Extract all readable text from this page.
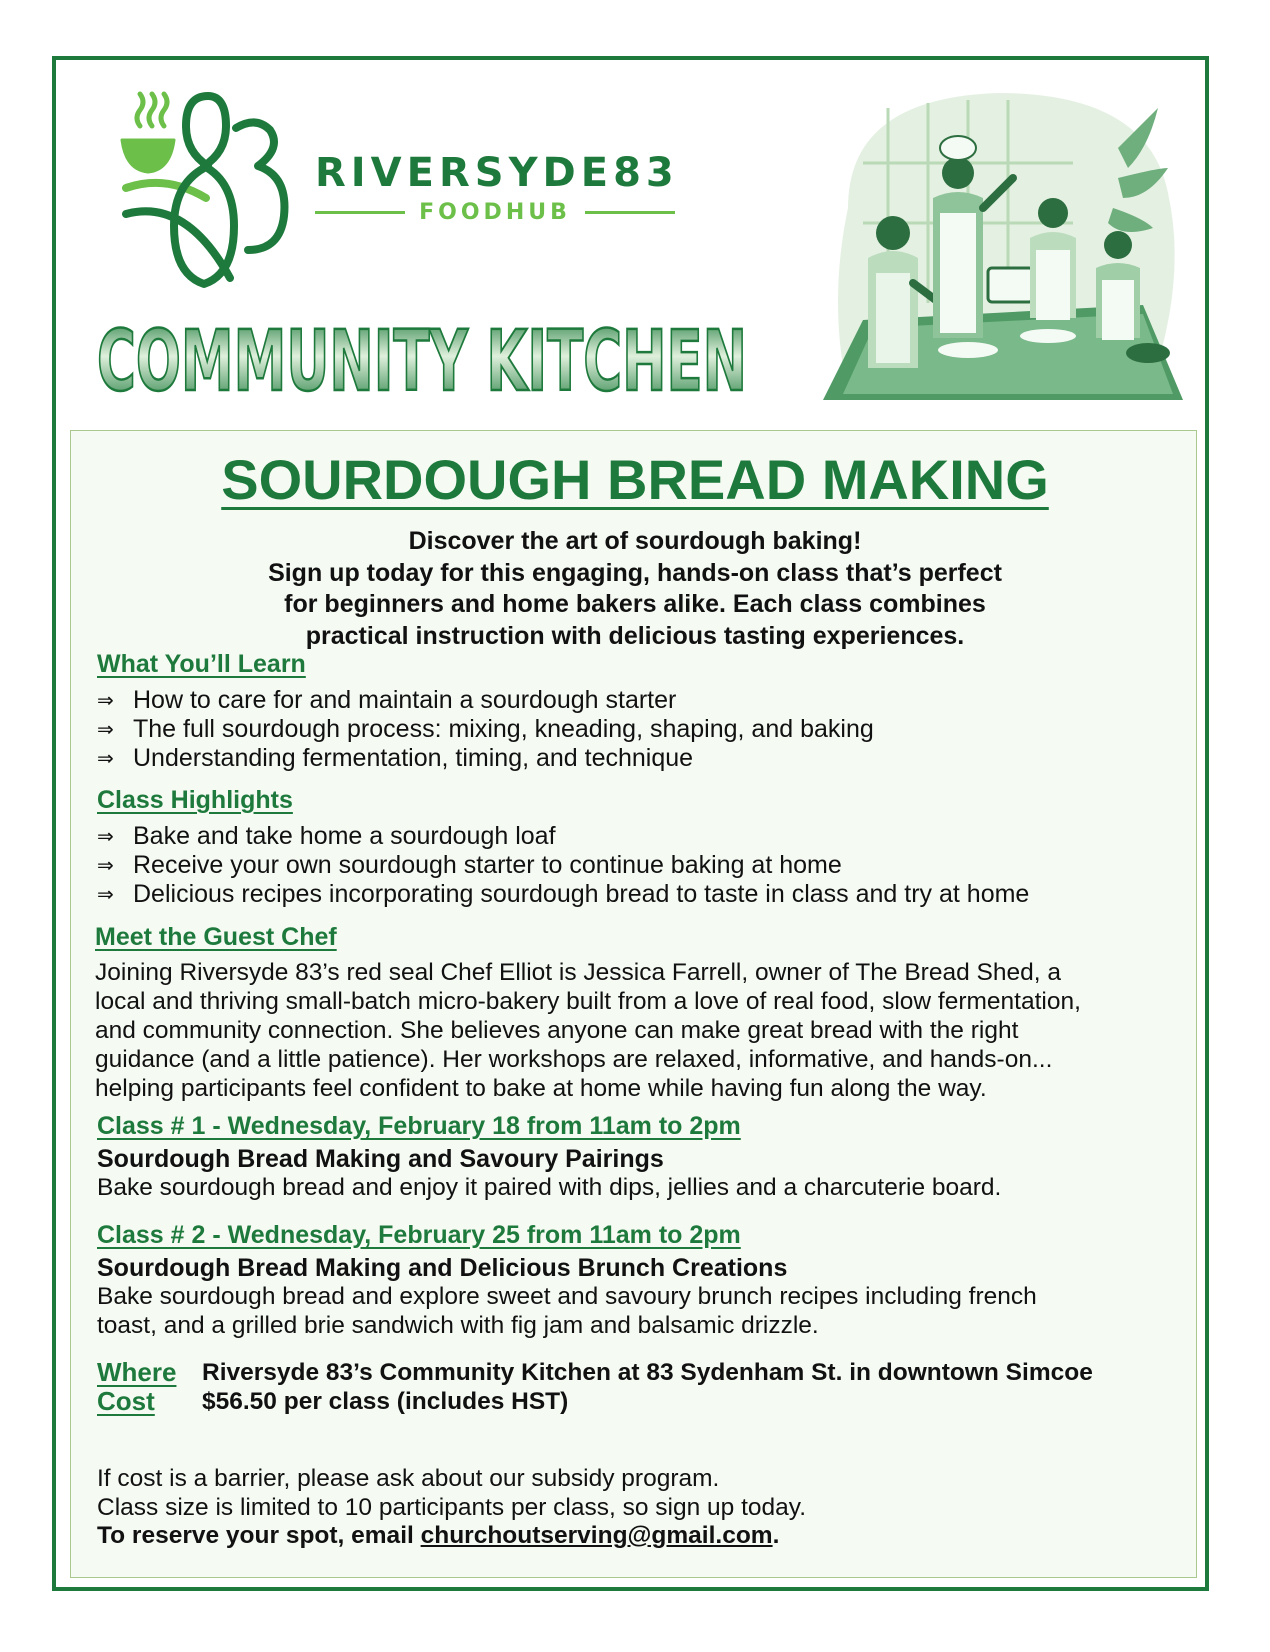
RIVERSYDE83
FOODHUB
COMMUNITY KITCHEN
SOURDOUGH BREAD MAKING
Discover the art of sourdough baking!
Sign up today for this engaging, hands-on class that’s perfect
for beginners and home bakers alike. Each class combines
practical instruction with delicious tasting experiences.
What You’ll Learn
⇒ How to care for and maintain a sourdough starter
⇒ The full sourdough process: mixing, kneading, shaping, and baking
⇒ Understanding fermentation, timing, and technique
Class Highlights
⇒ Bake and take home a sourdough loaf
⇒ Receive your own sourdough starter to continue baking at home
⇒ Delicious recipes incorporating sourdough bread to taste in class and try at home
Meet the Guest Chef
Joining Riversyde 83’s red seal Chef Elliot is Jessica Farrell, owner of The Bread Shed, a
local and thriving small-batch micro-bakery built from a love of real food, slow fermentation,
and community connection. She believes anyone can make great bread with the right
guidance (and a little patience). Her workshops are relaxed, informative, and hands-on...
helping participants feel confident to bake at home while having fun along the way.
Class # 1 - Wednesday, February 18 from 11am to 2pm
Sourdough Bread Making and Savoury Pairings
Bake sourdough bread and enjoy it paired with dips, jellies and a charcuterie board.
Class # 2 - Wednesday, February 25 from 11am to 2pm
Sourdough Bread Making and Delicious Brunch Creations
Bake sourdough bread and explore sweet and savoury brunch recipes including french
toast, and a grilled brie sandwich with fig jam and balsamic drizzle.
Where Riversyde 83’s Community Kitchen at 83 Sydenham St. in downtown Simcoe
Cost $56.50 per class (includes HST)
If cost is a barrier, please ask about our subsidy program.
Class size is limited to 10 participants per class, so sign up today.
To reserve your spot, email churchoutserving@gmail.com.
